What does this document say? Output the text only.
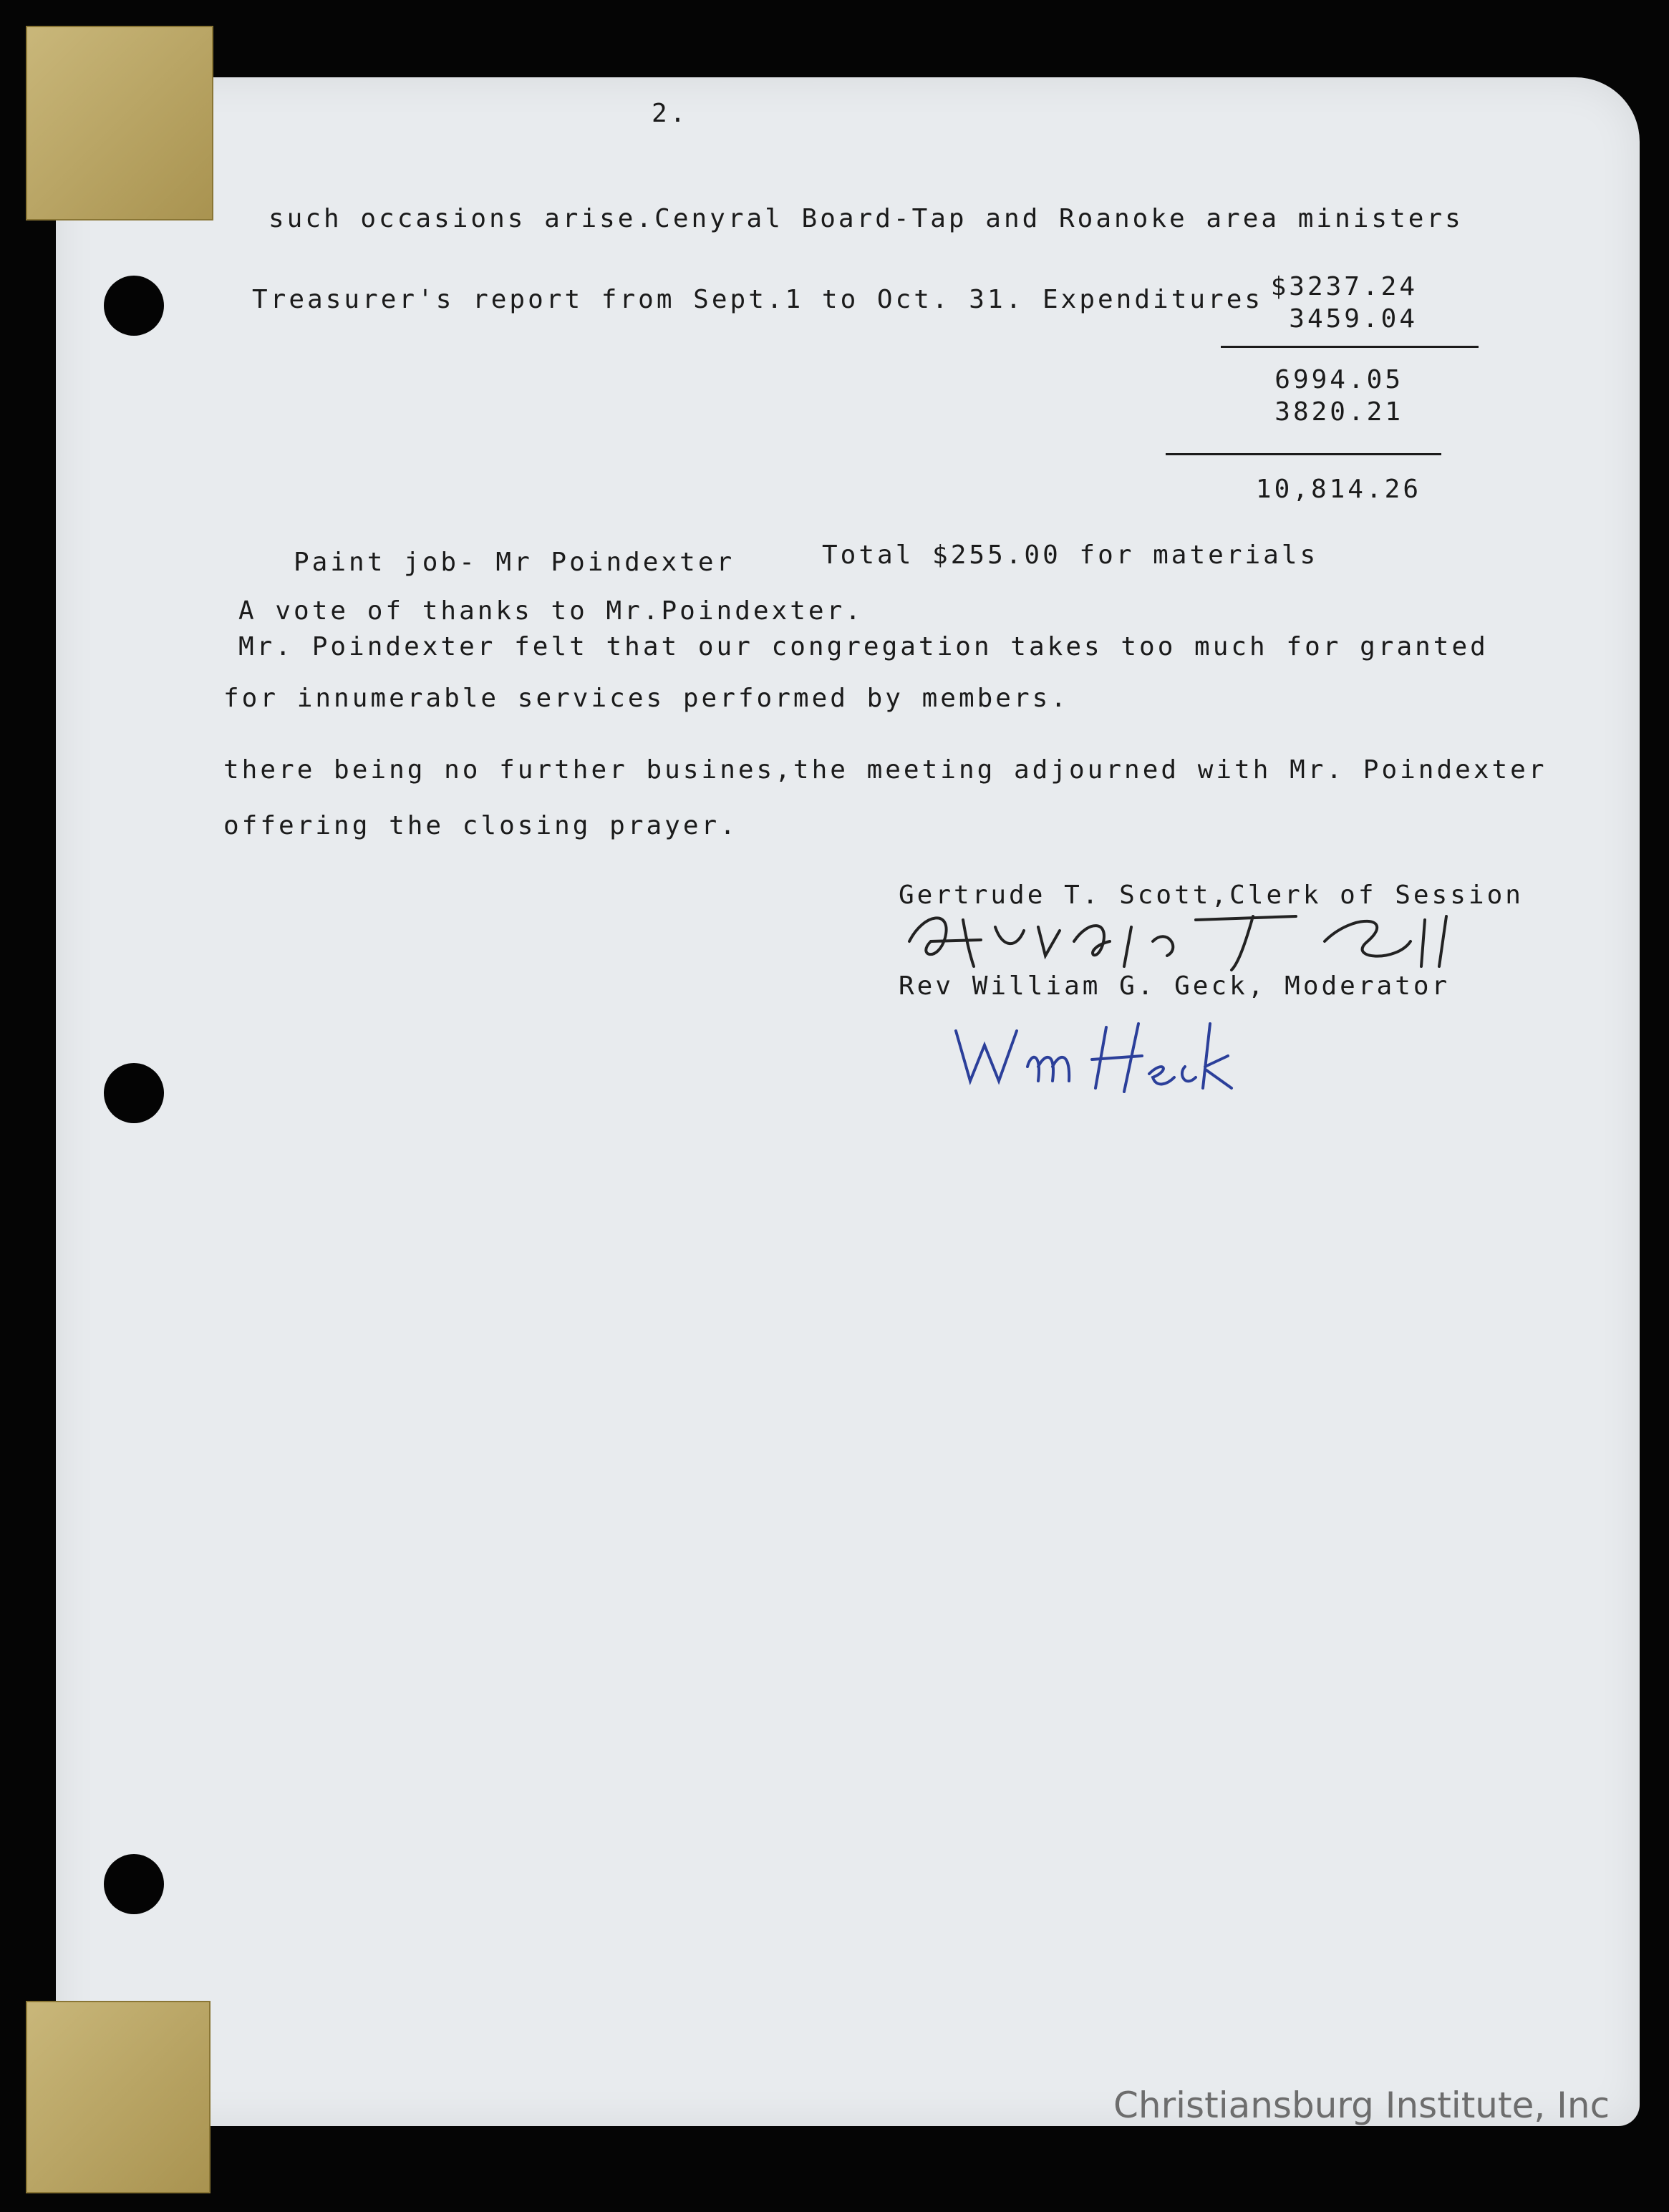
2.
such occasions arise.Cenyral Board-Tap and Roanoke area ministers
Treasurer's report from Sept.1 to Oct. 31. Expenditures $3237.24
3459.04
6994.05
3820.21
10,814.26
Paint job- Mr Poindexter	Total $255.00 for materials
A vote of thanks to Mr.Poindexter.
Mr. Poindexter felt that our congregation takes too much for granted
for innumerable services performed by members.
there being no further busines,the meeting adjourned with Mr. Poindexter
offering the closing prayer.
Gertrude T. Scott,Clerk of Session
Rev William G. Geck, Moderator
Christiansburg Institute, Inc
